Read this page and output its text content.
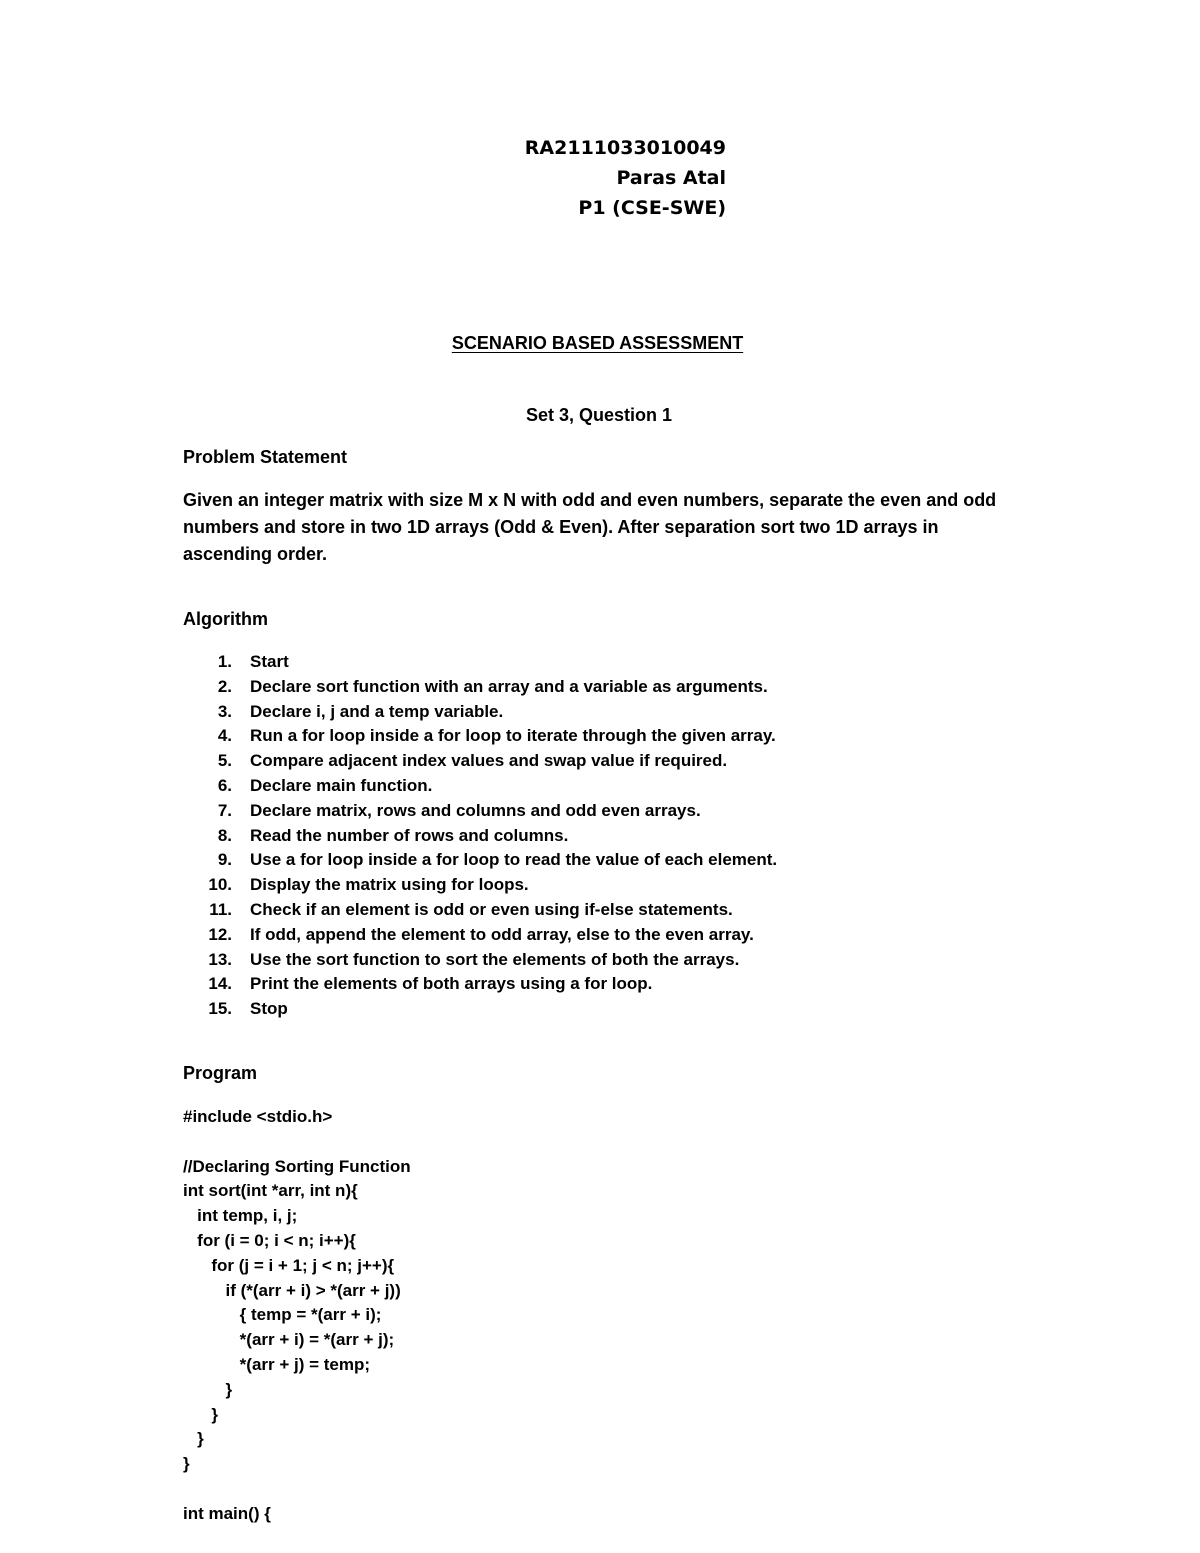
RA2111033010049
Paras Atal
P1 (CSE-SWE)
SCENARIO BASED ASSESSMENT
Set 3, Question 1
Problem Statement
Given an integer matrix with size M x N with odd and even numbers, separate the even and odd numbers and store in two 1D arrays (Odd & Even). After separation sort two 1D arrays in ascending order.
Algorithm
1. Start
2. Declare sort function with an array and a variable as arguments.
3. Declare i, j and a temp variable.
4. Run a for loop inside a for loop to iterate through the given array.
5. Compare adjacent index values and swap value if required.
6. Declare main function.
7. Declare matrix, rows and columns and odd even arrays.
8. Read the number of rows and columns.
9. Use a for loop inside a for loop to read the value of each element.
10. Display the matrix using for loops.
11. Check if an element is odd or even using if-else statements.
12. If odd, append the element to odd array, else to the even array.
13. Use the sort function to sort the elements of both the arrays.
14. Print the elements of both arrays using a for loop.
15. Stop
Program
#include <stdio.h>
//Declaring Sorting Function
int sort(int *arr, int n){
int temp, i, j;
for (i = 0; i < n; i++){
for (j = i + 1; j < n; j++){
if (*(arr + i) > *(arr + j))
{ temp = *(arr + i);
*(arr + i) = *(arr + j);
*(arr + j) = temp;
}
}
}
}
int main() {
